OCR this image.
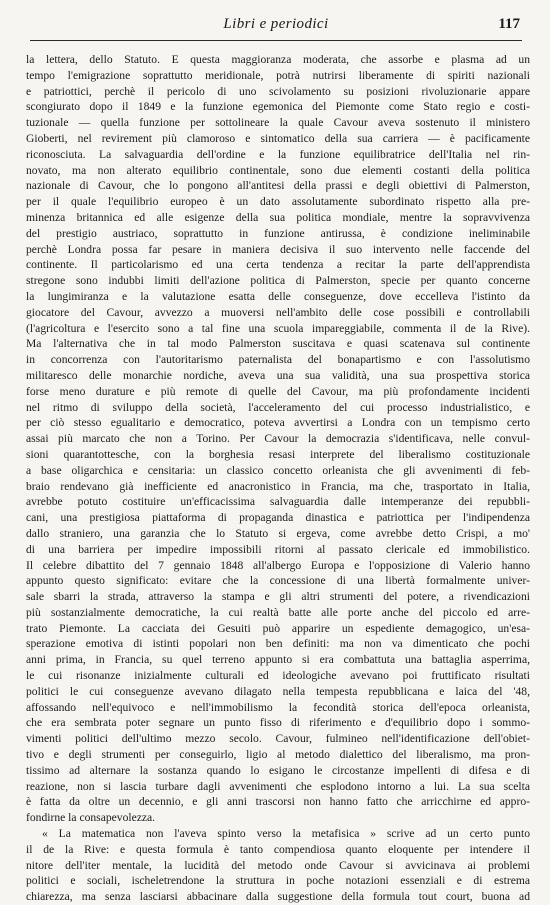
Libri e periodici	117
la lettera, dello Statuto. E questa maggioranza moderata, che assorbe e plasma ad un
tempo l'emigrazione soprattutto meridionale, potrà nutrirsi liberamente di spiriti nazionali
e patriottici, perchè il pericolo di uno scivolamento su posizioni rivoluzionarie appare
scongiurato dopo il 1849 e la funzione egemonica del Piemonte come Stato regio e costi-
tuzionale — quella funzione per sottolineare la quale Cavour aveva sostenuto il ministero
Gioberti, nel revirement più clamoroso e sintomatico della sua carriera — è pacificamente
riconosciuta. La salvaguardia dell'ordine e la funzione equilibratrice dell'Italia nel rin-
novato, ma non alterato equilibrio continentale, sono due elementi costanti della politica
nazionale di Cavour, che lo pongono all'antitesi della prassi e degli obiettivi di Palmerston,
per il quale l'equilibrio europeo è un dato assolutamente subordinato rispetto alla pre-
minenza britannica ed alle esigenze della sua politica mondiale, mentre la sopravvivenza
del prestigio austriaco, soprattutto in funzione antirussa, è condizione ineliminabile
perchè Londra possa far pesare in maniera decisiva il suo intervento nelle faccende del
continente. Il particolarismo ed una certa tendenza a recitar la parte dell'apprendista
stregone sono indubbi limiti dell'azione politica di Palmerston, specie per quanto concerne
la lungimiranza e la valutazione esatta delle conseguenze, dove eccelleva l'istinto da
giocatore del Cavour, avvezzo a muoversi nell'ambito delle cose possibili e controllabili
(l'agricoltura e l'esercito sono a tal fine una scuola impareggiabile, commenta il de la Rive).
Ma l'alternativa che in tal modo Palmerston suscitava e quasi scatenava sul continente
in concorrenza con l'autoritarismo paternalista del bonapartismo e con l'assolutismo
militaresco delle monarchie nordiche, aveva una sua validità, una sua prospettiva storica
forse meno durature e più remote di quelle del Cavour, ma più profondamente incidenti
nel ritmo di sviluppo della società, l'acceleramento del cui processo industrialistico, e
per ciò stesso egualitario e democratico, poteva avvertirsi a Londra con un tempismo certo
assai più marcato che non a Torino. Per Cavour la democrazia s'identificava, nelle convul-
sioni quarantottesche, con la borghesia resasi interprete del liberalismo costituzionale
a base oligarchica e censitaria: un classico concetto orleanista che gli avvenimenti di feb-
braio rendevano già inefficiente ed anacronistico in Francia, ma che, trasportato in Italia,
avrebbe potuto costituire un'efficacissima salvaguardia dalle intemperanze dei repubbli-
cani, una prestigiosa piattaforma di propaganda dinastica e patriottica per l'indipendenza
dallo straniero, una garanzia che lo Statuto si ergeva, come avrebbe detto Crispi, a mo'
di una barriera per impedire impossibili ritorni al passato clericale ed immobilistico.
Il celebre dibattito del 7 gennaio 1848 all'albergo Europa e l'opposizione di Valerio hanno
appunto questo significato: evitare che la concessione di una libertà formalmente univer-
sale sbarri la strada, attraverso la stampa e gli altri strumenti del potere, a rivendicazioni
più sostanzialmente democratiche, la cui realtà batte alle porte anche del piccolo ed arre-
trato Piemonte. La cacciata dei Gesuiti può apparire un espediente demagogico, un'esa-
sperazione emotiva di istinti popolari non ben definiti: ma non va dimenticato che pochi
anni prima, in Francia, su quel terreno appunto si era combattuta una battaglia asperrima,
le cui risonanze inizialmente culturali ed ideologiche avevano poi fruttificato risultati
politici le cui conseguenze avevano dilagato nella tempesta repubblicana e laica del '48,
affossando nell'equivoco e nell'immobilismo la fecondità storica dell'epoca orleanista,
che era sembrata poter segnare un punto fisso di riferimento e d'equilibrio dopo i sommo-
vimenti politici dell'ultimo mezzo secolo. Cavour, fulmineo nell'identificazione dell'obiet-
tivo e degli strumenti per conseguirlo, ligio al metodo dialettico del liberalismo, ma pron-
tissimo ad alternare la sostanza quando lo esigano le circostanze impellenti di difesa e di
reazione, non si lascia turbare dagli avvenimenti che esplodono intorno a lui. La sua scelta
è fatta da oltre un decennio, e gli anni trascorsi non hanno fatto che arricchirne ed appro-
fondirne la consapevolezza.
« La matematica non l'aveva spinto verso la metafisica » scrive ad un certo punto
il de la Rive: e questa formula è tanto compendiosa quanto eloquente per intendere il
nitore dell'iter mentale, la lucidità del metodo onde Cavour si avvicinava ai problemi
politici e sociali, ischeletrendone la struttura in poche notazioni essenziali e di estrema
chiarezza, ma senza lasciarsi abbacinare dalla suggestione della formula tout court, buona ad
